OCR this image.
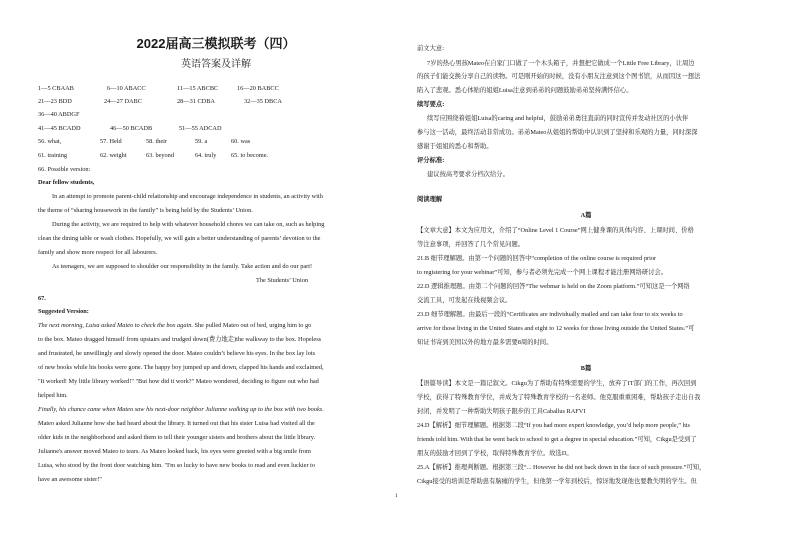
2022届高三模拟联考（四）
英语答案及详解
1—5 CBAAB	6—10 ABACC	11—15 ABCBC	16—20 BABCC
21—23 BDD	24—27 DABC	28—31 CDBA	32—35 DBCA
36—40 ABDGF
41—45 BCADD	46—50 BCADB	51—55 ADCAD
56. what,	57. Held	58. their	59. a	60. was
61. training	62. weight	63. beyond	64. truly 65. to become.
66. Possible version:
Dear fellow students,
In an attempt to promote parent-child relationship and encourage independence in students, an activity with
the theme of “sharing housework in the family” is being held by the Students’ Union.
During the activity, we are required to help with whatever household chores we can take on, such as helping
clean the dining table or wash clothes. Hopefully, we will gain a better understanding of parents’ devotion to the
family and show more respect for all labourers.
As teenagers, we are supposed to shoulder our responsibility in the family. Take action and do our part!
The Students’ Union
67.
Suggested Version:
The next morning, Luisa asked Mateo to check the box again. She pulled Mateo out of bed, urging him to go
to the box. Mateo dragged himself from upstairs and trudged down(费力地走)the walkway to the box. Hopeless
and frustrated, he unwillingly and slowly opened the door. Mateo couldn’t believe his eyes. In the box lay lots
of new books while his books were gone. The happy boy jumped up and down, clapped his hands and exclaimed,
"It worked! My little library worked!" "But how did it work?" Mateo wondered, deciding to figure out who had
helped him.
Finally, his chance came when Mateo saw his next-door neighbor Julianne walking up to the box with two books.
Mateo asked Julianne how she had heard about the library. It turned out that his sister Luisa had visited all the
older kids in the neighborhood and asked them to tell their younger sisters and brothers about the little library.
Julianne's answer moved Mateo to tears. As Mateo looked back, his eyes were greeted with a big smile from
Luisa, who stood by the front door watching him. "I'm so lucky to have new books to read and even luckier to
have an awesome sister!"
前文大意:
7岁的热心男孩Mateo在自家门口做了一个木头箱子，并想把它做成一个Little Free Library，让周边
的孩子们能交换分享自己的读物。可是刚开始的时候，没有小朋友注意到这个图书馆，从而因这一想法
陷入了悲观。悉心体贴的姐姐Luisa注意到弟弟的问题鼓励弟弟坚持满怀信心。
续写要点:
续写应围绕着姐姐Luisa的caring and helpful，鼓励弟弟勇往直前的同时宣传并发动社区的小伙伴
参与这一活动，最终活动非常成功。弟弟Mateo从姐姐的帮助中认识到了坚持和乐观的力量，同时深深
感谢于姐姐的悉心和帮助。
评分标准:
建议按高考要求分档次给分。
阅读理解
A篇
【文章大意】本文为应用文，介绍了“Online Level 1 Course”网上健身课的具体内容、上课时间、价格
等注意事项，并回答了几个常见问题。
21.B 细节理解题。由第一个问题的回答中“completion of the online course is required prior
to registering for your webinar”可知，参与者必须先完成一个网上课程才能注册网络研讨会。
22.D 逻辑推理题。由第二个问题的回答“The webmar is held on the Zoom platform.”可知这是一个网络
交流工具，可发起在线视频会议。
23.D 细节理解题。由最后一段的“Certificates are individually mailed and can take four to six weeks to
arrive for those living in the United States and eight to 12 weeks for those living outside the United States.”可
知证书寄到美国以外的地方最多需要8周的时间。
B篇
【语篇导读】本文是一篇记叙文。Cikgu为了帮助有特殊需要的学生，放弃了IT部门的工作，再次回到
学校，获得了特殊教育学位，并成为了特殊教育学校的一名老师。他克服重重困难，帮助孩子走出自我
封闭，并发明了一种帮助失明孩子跟步的工具Caballus RAFVI
24.D【解析】细节理解题。根据第二段“If you had more expert knowledge, you’d help more people,” his
friends told him. With that he went back to school to get a degree in special education.”可知，Cikgu是受到了
朋友的鼓励才回到了学校，取得特殊教育学位。故选D。
25.A【解析】推理判断题。根据第三段“... However he did not back down in the face of such pressure.”可知，
Cikgu接受的培训是帮助患有脑瘫的学生，但他第一学年到校后，惊讶地发现他也要教失明的学生。但
1
